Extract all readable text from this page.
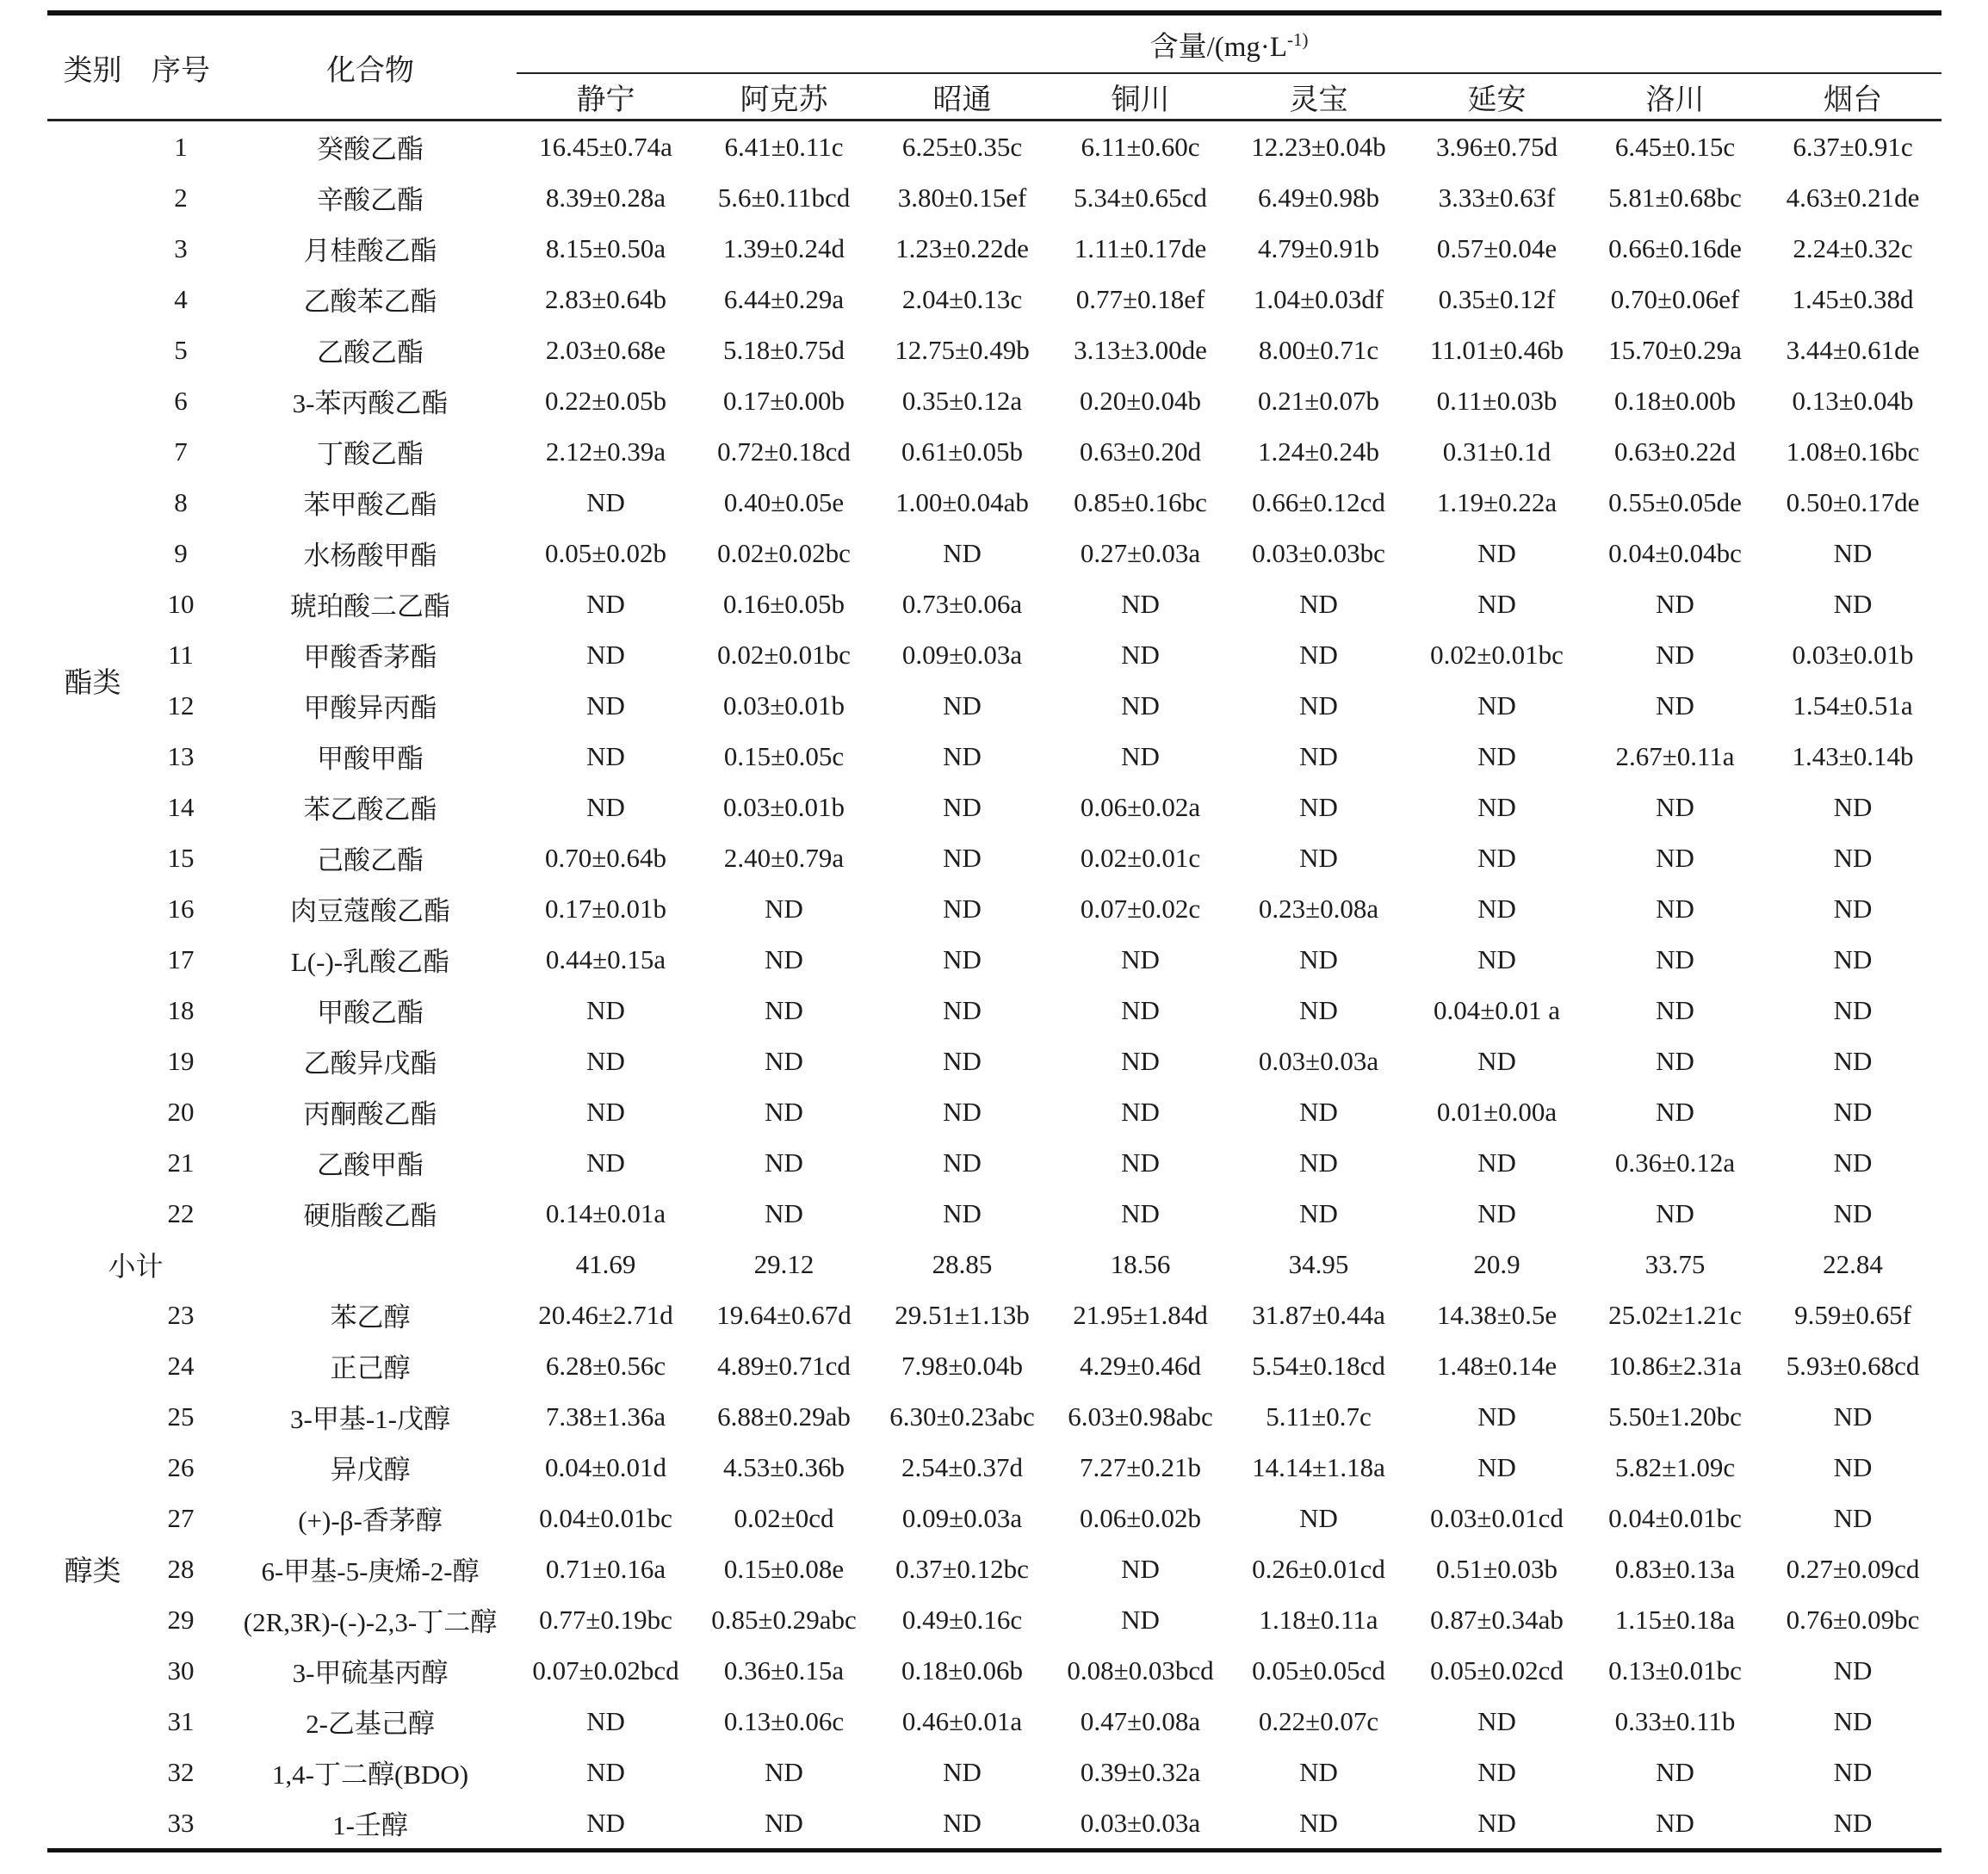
类别	序号	化合物	含量$/(mg\cdot L^{-1)}$
			静宁	阿克苏	昭通	铜川	灵宝	延安	洛川	烟台
酯类	1	癸酸乙酯	16.45±0.74a	6.41±0.11c	6.25±0.35c	6.11±0.60c	12.23±0.04b	3.96±0.75d	6.45±0.15c	6.37±0.91c
	2	辛酸乙酯	8.39±0.28a	5.6±0.11bcd	3.80±0.15ef	5.34±0.65cd	6.49±0.98b	3.33±0.63f	5.81±0.68bc	4.63±0.21de
	3	月桂酸乙酯	8.15±0.50a	1.39±0.24d	1.23±0.22de	1.11±0.17de	4.79±0.91b	0.57±0.04e	0.66±0.16de	2.24±0.32c
	4	乙酸苯乙酯	2.83±0.64b	6.44±0.29a	2.04±0.13c	0.77±0.18ef	1.04±0.03df	0.35±0.12f	0.70±0.06ef	1.45±0.38d
	5	乙酸乙酯	2.03±0.68e	5.18±0.75d	12.75±0.49b	3.13±3.00de	8.00±0.71c	11.01±0.46b	15.70±0.29a	3.44±0.61de
	6	3-苯丙酸乙酯	0.22±0.05b	0.17±0.00b	0.35±0.12a	0.20±0.04b	0.21±0.07b	0.11±0.03b	0.18±0.00b	0.13±0.04b
	7	丁酸乙酯	2.12±0.39a	0.72±0.18cd	0.61±0.05b	0.63±0.20d	1.24±0.24b	0.31±0.1d	0.63±0.22d	1.08±0.16bc
	8	苯甲酸乙酯	ND	0.40±0.05e	1.00±0.04ab	0.85±0.16bc	0.66±0.12cd	1.19±0.22a	0.55±0.05de	0.50±0.17de
	9	水杨酸甲酯	0.05±0.02b	0.02±0.02bc	ND	0.27±0.03a	0.03±0.03bc	ND	0.04±0.04bc	ND
	10	琥珀酸二乙酯	ND	0.16±0.05b	0.73±0.06a	ND	ND	ND	ND	ND
	11	甲酸香茅酯	ND	0.02±0.01bc	0.09±0.03a	ND	ND	0.02±0.01bc	ND	0.03±0.01b
	12	甲酸异丙酯	ND	0.03±0.01b	ND	ND	ND	ND	ND	1.54±0.51a
	13	甲酸甲酯	ND	0.15±0.05c	ND	ND	ND	ND	2.67±0.11a	1.43±0.14b
	14	苯乙酸乙酯	ND	0.03±0.01b	ND	0.06±0.02a	ND	ND	ND	ND
	15	己酸乙酯	0.70±0.64b	2.40±0.79a	ND	0.02±0.01c	ND	ND	ND	ND
	16	肉豆蔻酸乙酯	0.17±0.01b	ND	ND	0.07±0.02c	0.23±0.08a	ND	ND	ND
	17	L(-)-乳酸乙酯	0.44±0.15a	ND	ND	ND	ND	ND	ND	ND
	18	甲酸乙酯	ND	ND	ND	ND	ND	0.04±0.01 a	ND	ND
	19	乙酸异戊酯	ND	ND	ND	ND	0.03±0.03a	ND	ND	ND
	20	丙酮酸乙酯	ND	ND	ND	ND	ND	0.01±0.00a	ND	ND
	21	乙酸甲酯	ND	ND	ND	ND	ND	ND	0.36±0.12a	ND
	22	硬脂酸乙酯	0.14±0.01a	ND	ND	ND	ND	ND	ND	ND
小计			41.69	29.12	28.85	18.56	34.95	20.9	33.75	22.84
醇类	23	苯乙醇	20.46±2.71d	19.64±0.67d	29.51±1.13b	21.95±1.84d	31.87±0.44a	14.38±0.5e	25.02±1.21c	9.59±0.65f
	24	正己醇	6.28±0.56c	4.89±0.71cd	7.98±0.04b	4.29±0.46d	5.54±0.18cd	1.48±0.14e	10.86±2.31a	5.93±0.68cd
	25	3-甲基-1-戊醇	7.38±1.36a	6.88±0.29ab	6.30±0.23abc	6.03±0.98abc	5.11±0.7c	ND	5.50±1.20bc	ND
	26	异戊醇	0.04±0.01d	4.53±0.36b	2.54±0.37d	7.27±0.21b	14.14±1.18a	ND	5.82±1.09c	ND
	27	(+)-β-香茅醇	0.04±0.01bc	0.02±0cd	0.09±0.03a	0.06±0.02b	ND	0.03±0.01cd	0.04±0.01bc	ND
	28	6-甲基-5-庚烯-2-醇	0.71±0.16a	0.15±0.08e	0.37±0.12bc	ND	0.26±0.01cd	0.51±0.03b	0.83±0.13a	0.27±0.09cd
	29	(2R,3R)-(-)-2,3-丁二醇	0.77±0.19bc	0.85±0.29abc	0.49±0.16c	ND	1.18±0.11a	0.87±0.34ab	1.15±0.18a	0.76±0.09bc
	30	3-甲硫基丙醇	0.07±0.02bcd	0.36±0.15a	0.18±0.06b	0.08±0.03bcd	0.05±0.05cd	0.05±0.02cd	0.13±0.01bc	ND
	31	2-乙基己醇	ND	0.13±0.06c	0.46±0.01a	0.47±0.08a	0.22±0.07c	ND	0.33±0.11b	ND
	32	1,4-丁二醇(BDO)	ND	ND	ND	0.39±0.32a	ND	ND	ND	ND
	33	1-壬醇	ND	ND	ND	0.03±0.03a	ND	ND	ND	ND
